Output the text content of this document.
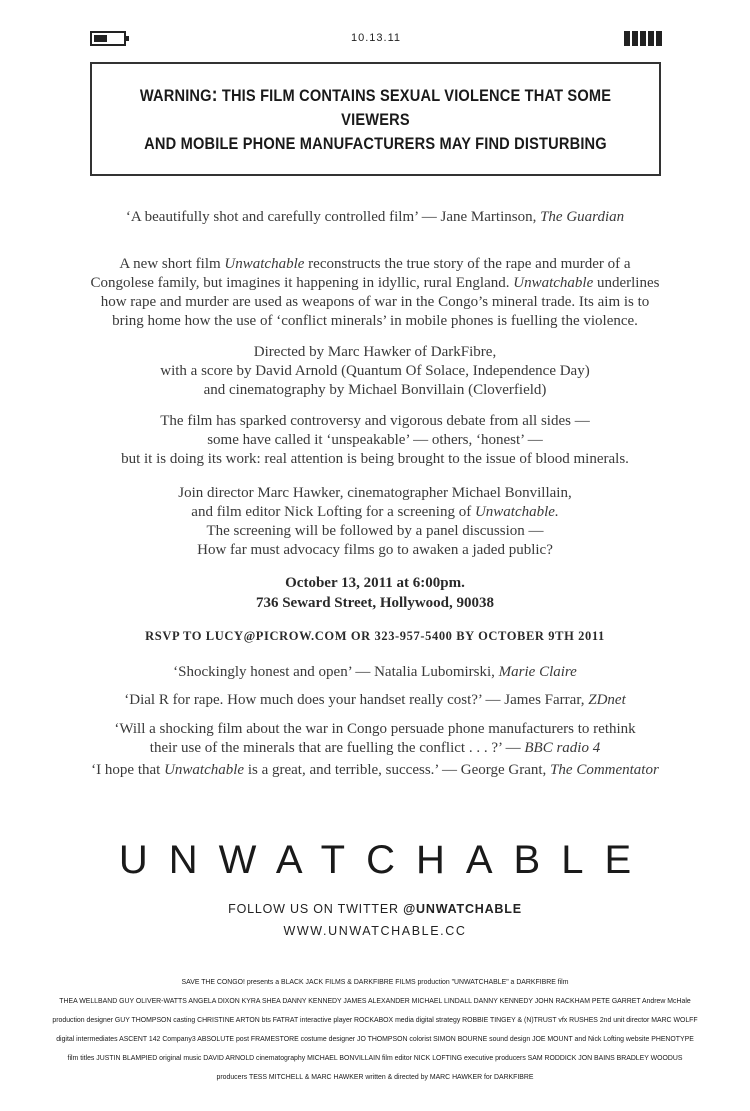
10.13.11
WARNING: THIS FILM CONTAINS SEXUAL VIOLENCE THAT SOME VIEWERS
AND MOBILE PHONE MANUFACTURERS MAY FIND DISTURBING

‘A beautifully shot and carefully controlled film’ — Jane Martinson, The Guardian

A new short film Unwatchable reconstructs the true story of the rape and murder of a
Congolese family, but imagines it happening in idyllic, rural England. Unwatchable underlines
how rape and murder are used as weapons of war in the Congo’s mineral trade. Its aim is to
bring home how the use of ‘conflict minerals’ in mobile phones is fuelling the violence.

Directed by Marc Hawker of DarkFibre,
with a score by David Arnold (Quantum Of Solace, Independence Day)
and cinematography by Michael Bonvillain (Cloverfield)

The film has sparked controversy and vigorous debate from all sides —
some have called it ‘unspeakable’ — others, ‘honest’ —
but it is doing its work: real attention is being brought to the issue of blood minerals.

Join director Marc Hawker, cinematographer Michael Bonvillain,
and film editor Nick Lofting for a screening of Unwatchable.
The screening will be followed by a panel discussion —
How far must advocacy films go to awaken a jaded public?

October 13, 2011 at 6:00pm.

736 Seward Street, Hollywood, 90038

RSVP TO LUCY@PICROW.COM OR 323-957-5400 BY OCTOBER 9TH 2011

‘Shockingly honest and open’ — Natalia Lubomirski, Marie Claire

‘Dial R for rape. How much does your handset really cost?’ — James Farrar, ZDnet

‘Will a shocking film about the war in Congo persuade phone manufacturers to rethink
their use of the minerals that are fuelling the conflict . . . ?’ — BBC radio 4

‘I hope that Unwatchable is a great, and terrible, success.’ — George Grant, The Commentator

UNWATCHABLE
FOLLOW US ON TWITTER @UNWATCHABLE
WWW.UNWATCHABLE.CC
SAVE THE CONGO! presents a BLACK JACK FILMS & DARKFIBRE FILMS production "UNWATCHABLE" a DARKFIBRE film
THEA WELLBAND GUY OLIVER-WATTS ANGELA DIXON KYRA SHEA DANNY KENNEDY JAMES ALEXANDER MICHAEL LINDALL DANNY KENNEDY JOHN RACKHAM PETE GARRET Andrew McHale
production designer GUY THOMPSON casting CHRISTINE ARTON bts FATRAT interactive player ROCKABOX media digital strategy ROBBIE TINGEY & (N)TRUST vfx RUSHES 2nd unit director MARC WOLFF
digital intermediates ASCENT 142 Company3 ABSOLUTE post FRAMESTORE costume designer JO THOMPSON colorist SIMON BOURNE sound design JOE MOUNT and Nick Lofting website PHENOTYPE
film titles JUSTIN BLAMPIED original music DAVID ARNOLD cinematography MICHAEL BONVILLAIN film editor NICK LOFTING executive producers SAM RODDICK JON BAINS BRADLEY WOODUS
producers TESS MITCHELL & MARC HAWKER written & directed by MARC HAWKER for DARKFIBRE
